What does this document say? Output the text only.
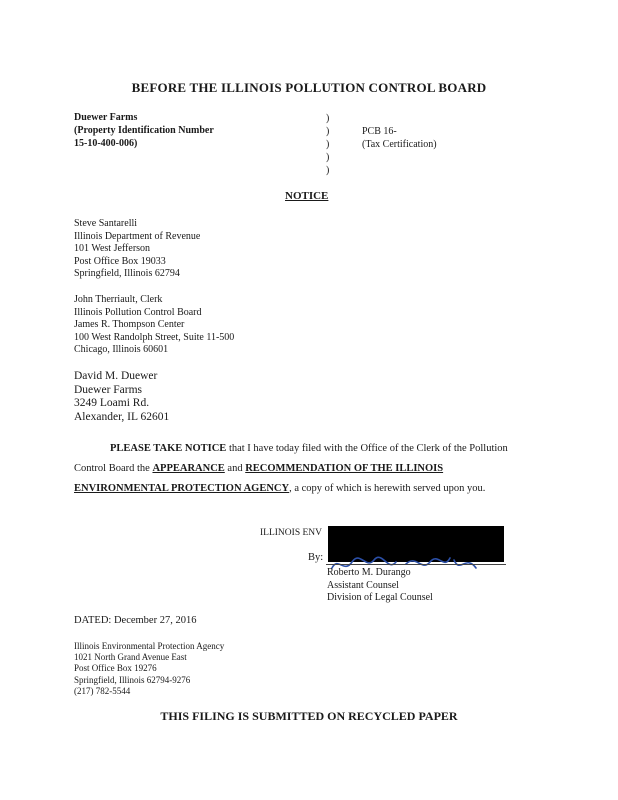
BEFORE THE ILLINOIS POLLUTION CONTROL BOARD
Duewer Farms
(Property Identification Number
15-10-400-006)
)
)
)
)
)
PCB 16-
(Tax Certification)
NOTICE
Steve Santarelli
Illinois Department of Revenue
101 West Jefferson
Post Office Box 19033
Springfield, Illinois 62794
John Therriault, Clerk
Illinois Pollution Control Board
James R. Thompson Center
100 West Randolph Street, Suite 11-500
Chicago, Illinois 60601
David M. Duewer
Duewer Farms
3249 Loami Rd.
Alexander, IL 62601
PLEASE TAKE NOTICE that I have today filed with the Office of the Clerk of the Pollution
Control Board the APPEARANCE and RECOMMENDATION OF THE ILLINOIS
ENVIRONMENTAL PROTECTION AGENCY, a copy of which is herewith served upon you.
ILLINOIS ENV
By:
Roberto M. Durango
Assistant Counsel
Division of Legal Counsel
DATED: December 27, 2016
Illinois Environmental Protection Agency
1021 North Grand Avenue East
Post Office Box 19276
Springfield, Illinois 62794-9276
(217) 782-5544
THIS FILING IS SUBMITTED ON RECYCLED PAPER
